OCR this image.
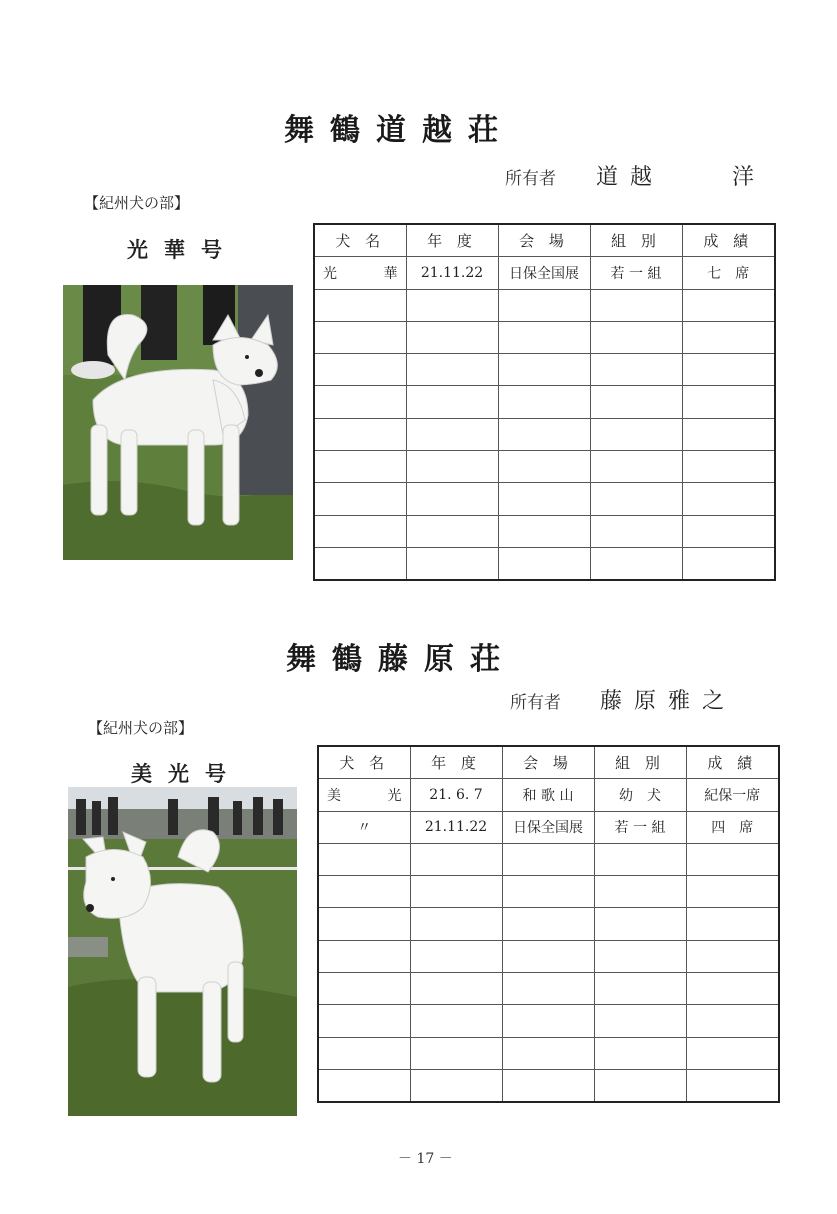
舞鶴道越荘
所有者 道越　　洋
【紀州犬の部】
光華号	犬 名	年 度	会 場	組 別	成 績
光　華	21.11.22	日保全国展	若 一 組	七　席

舞鶴藤原荘
所有者 藤原雅之
【紀州犬の部】
美光号	犬 名	年 度	会 場	組 別	成 績
美　光	21. 6. 7	和 歌 山	幼　犬	紀保一席
〃	21.11.22	日保全国展	若 一 組	四　席

－ 17 －
